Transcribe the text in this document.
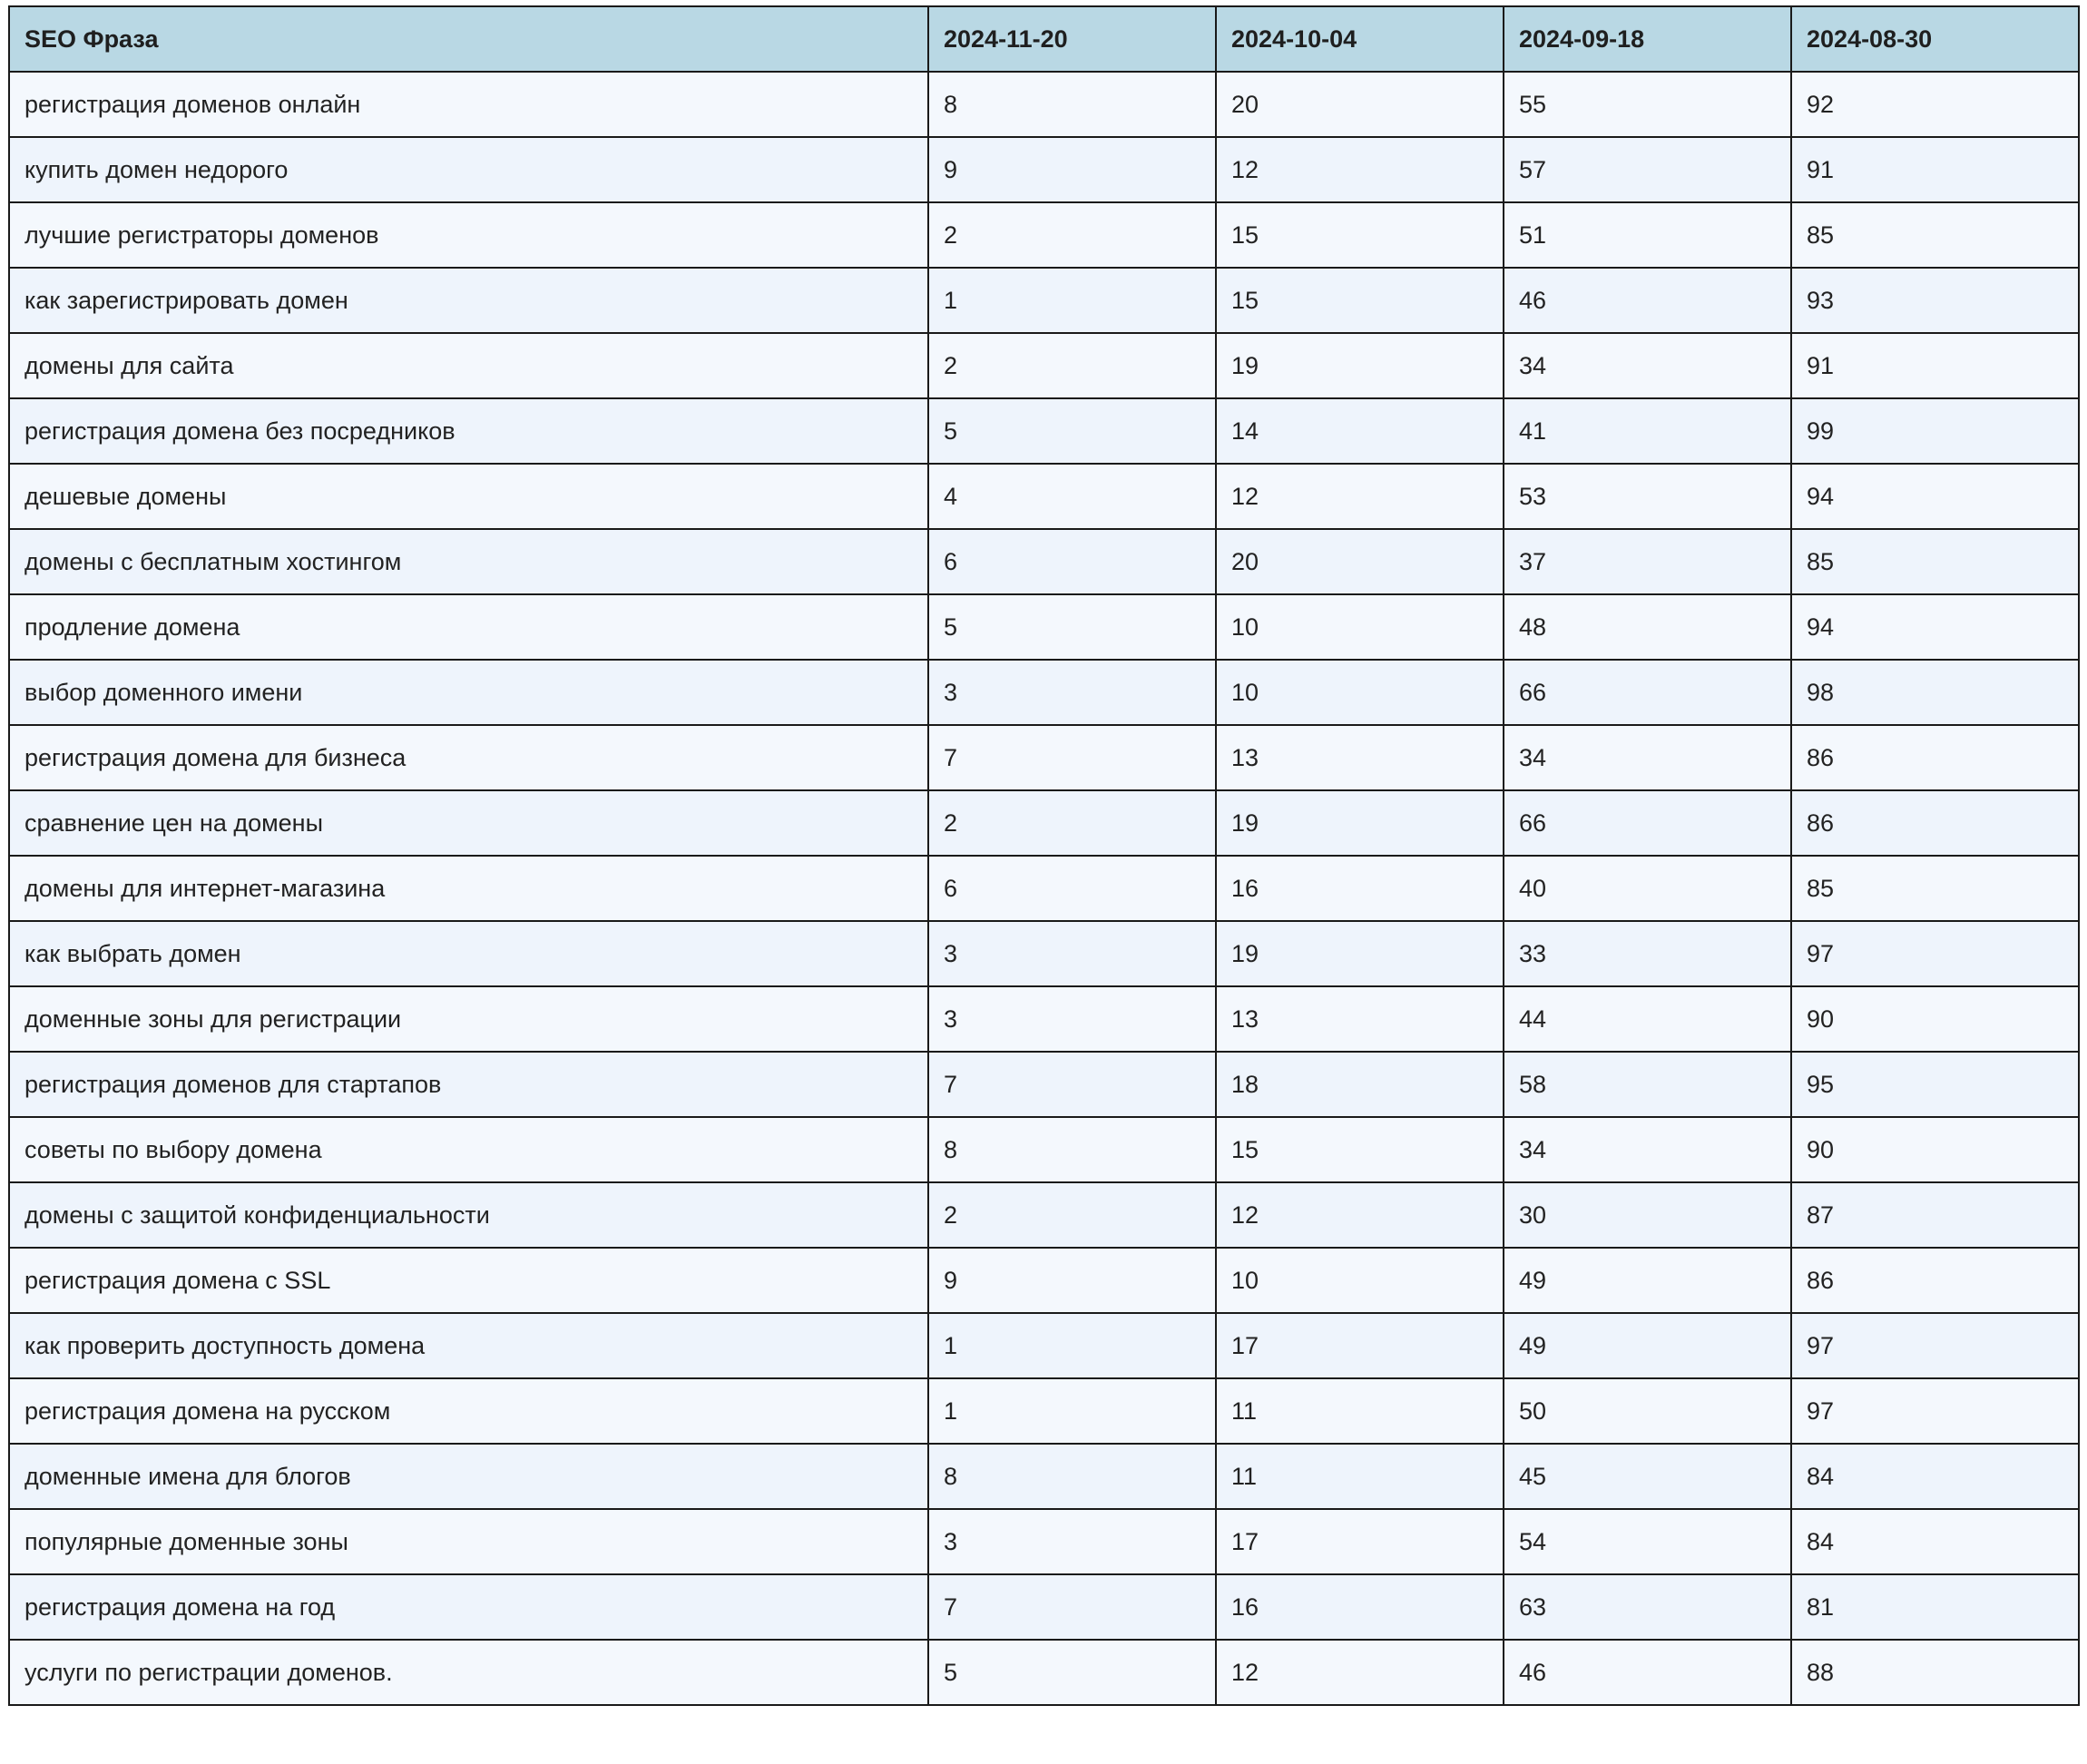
SEO Фраза	2024-11-20	2024-10-04	2024-09-18	2024-08-30
регистрация доменов онлайн	8	20	55	92
купить домен недорого	9	12	57	91
лучшие регистраторы доменов	2	15	51	85
как зарегистрировать домен	1	15	46	93
домены для сайта	2	19	34	91
регистрация домена без посредников	5	14	41	99
дешевые домены	4	12	53	94
домены с бесплатным хостингом	6	20	37	85
продление домена	5	10	48	94
выбор доменного имени	3	10	66	98
регистрация домена для бизнеса	7	13	34	86
сравнение цен на домены	2	19	66	86
домены для интернет-магазина	6	16	40	85
как выбрать домен	3	19	33	97
доменные зоны для регистрации	3	13	44	90
регистрация доменов для стартапов	7	18	58	95
советы по выбору домена	8	15	34	90
домены с защитой конфиденциальности	2	12	30	87
регистрация домена с SSL	9	10	49	86
как проверить доступность домена	1	17	49	97
регистрация домена на русском	1	11	50	97
доменные имена для блогов	8	11	45	84
популярные доменные зоны	3	17	54	84
регистрация домена на год	7	16	63	81
услуги по регистрации доменов.	5	12	46	88
